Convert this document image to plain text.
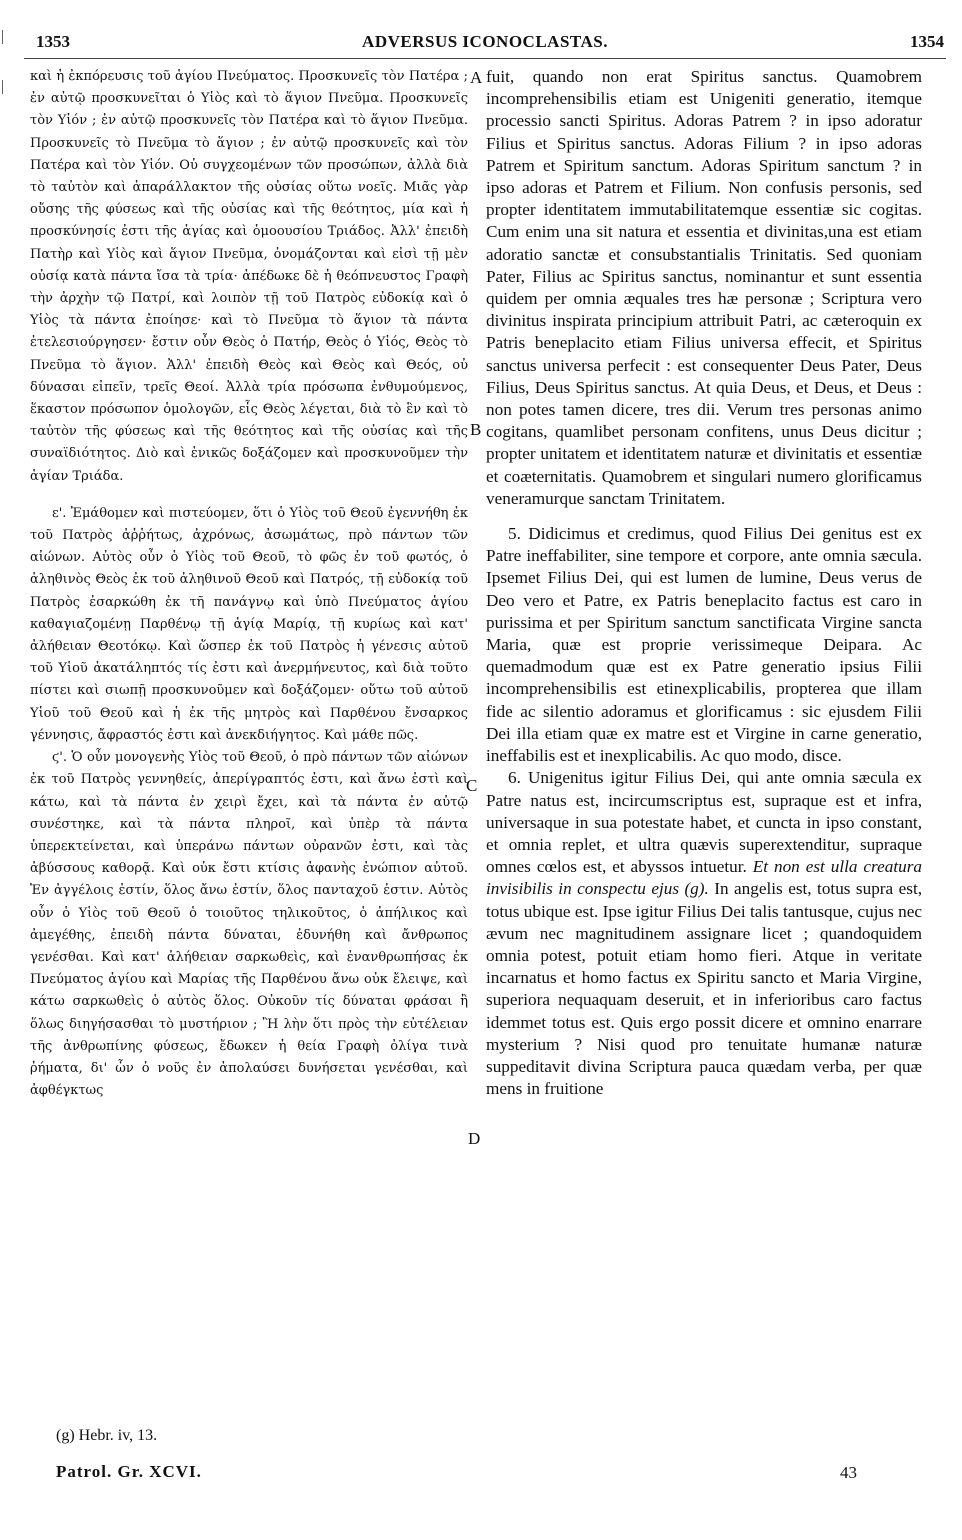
1353	ADVERSUS ICONOCLASTAS.	1354

καὶ ἡ ἐκπόρευσις τοῦ ἁγίου Πνεύματος. Προσκυνεῖς τὸν Πατέρα ; ἐν αὐτῷ προσκυνεῖται ὁ Υἱὸς καὶ τὸ ἅγιον Πνεῦμα. Προσκυνεῖς τὸν Υἱόν ; ἐν αὐτῷ προσκυνεῖς τὸν Πατέρα καὶ τὸ ἅγιον Πνεῦμα. Προσκυνεῖς τὸ Πνεῦμα τὸ ἅγιον ; ἐν αὐτῷ προσκυνεῖς καὶ τὸν Πατέρα καὶ τὸν Υἱόν. Οὐ συγχεομένων τῶν προσώπων, ἀλλὰ διὰ τὸ ταὐτὸν καὶ ἀπαράλλακτον τῆς οὐσίας οὕτω νοεῖς. Μιᾶς γὰρ οὔσης τῆς φύσεως καὶ τῆς οὐσίας καὶ τῆς θεότητος, μία καὶ ἡ προσκύνησίς ἐστι τῆς ἁγίας καὶ ὁμοουσίου Τριάδος. Ἀλλ' ἐπειδὴ Πατὴρ καὶ Υἱὸς καὶ ἅγιον Πνεῦμα, ὀνομάζονται καὶ εἰσὶ τῇ μὲν οὐσίᾳ κατὰ πάντα ἴσα τὰ τρία· ἀπέδωκε δὲ ἡ θεόπνευστος Γραφὴ τὴν ἀρχὴν τῷ Πατρί, καὶ λοιπὸν τῇ τοῦ Πατρὸς εὐδοκίᾳ καὶ ὁ Υἱὸς τὰ πάντα ἐποίησε· καὶ τὸ Πνεῦμα τὸ ἅγιον τὰ πάντα ἐτελεσιούργησεν· ἔστιν οὖν Θεὸς ὁ Πατήρ, Θεὸς ὁ Υἱός, Θεὸς τὸ Πνεῦμα τὸ ἅγιον. Ἀλλ' ἐπειδὴ Θεὸς καὶ Θεὸς καὶ Θεός, οὐ δύνασαι εἰπεῖν, τρεῖς Θεοί. Ἀλλὰ τρία πρόσωπα ἐνθυμούμενος, ἕκαστον πρόσωπον ὁμολογῶν, εἷς Θεὸς λέγεται, διὰ τὸ ἓν καὶ τὸ ταὐτὸν τῆς φύσεως καὶ τῆς θεότητος καὶ τῆς οὐσίας καὶ τῆς συναϊδιότητος. Διὸ καὶ ἑνικῶς δοξάζομεν καὶ προσκυνοῦμεν τὴν ἁγίαν Τριάδα.

ε'. Ἐμάθομεν καὶ πιστεύομεν, ὅτι ὁ Υἱὸς τοῦ Θεοῦ ἐγεννήθη ἐκ τοῦ Πατρὸς ἀῤῥήτως, ἀχρόνως, ἀσωμάτως, πρὸ πάντων τῶν αἰώνων. Αὐτὸς οὖν ὁ Υἱὸς τοῦ Θεοῦ, τὸ φῶς ἐν τοῦ φωτός, ὁ ἀληθινὸς Θεὸς ἐκ τοῦ ἀληθινοῦ Θεοῦ καὶ Πατρός, τῇ εὐδοκίᾳ τοῦ Πατρὸς ἐσαρκώθη ἐκ τῆ πανάγνῳ καὶ ὑπὸ Πνεύματος ἁγίου καθαγιαζομένῃ Παρθένῳ τῇ ἁγίᾳ Μαρίᾳ, τῇ κυρίως καὶ κατ' ἀλήθειαν Θεοτόκῳ. Καὶ ὥσπερ ἐκ τοῦ Πατρὸς ἡ γένεσις αὐτοῦ τοῦ Υἱοῦ ἀκατάληπτός τίς ἐστι καὶ ἀνερμήνευτος, καὶ διὰ τοῦτο πίστει καὶ σιωπῇ προσκυνοῦμεν καὶ δοξάζομεν· οὕτω τοῦ αὐτοῦ Υἱοῦ τοῦ Θεοῦ καὶ ἡ ἐκ τῆς μητρὸς καὶ Παρθένου ἔνσαρκος γέννησις, ἄφραστός ἐστι καὶ ἀνεκδιήγητος. Καὶ μάθε πῶς.

ϛ'. Ὁ οὖν μονογενὴς Υἱὸς τοῦ Θεοῦ, ὁ πρὸ πάντων τῶν αἰώνων ἐκ τοῦ Πατρὸς γεννηθείς, ἀπερίγραπτός ἐστι, καὶ ἄνω ἐστὶ καὶ κάτω, καὶ τὰ πάντα ἐν χειρὶ ἔχει, καὶ τὰ πάντα ἐν αὐτῷ συνέστηκε, καὶ τὰ πάντα πληροῖ, καὶ ὑπὲρ τὰ πάντα ὑπερεκτείνεται, καὶ ὑπεράνω πάντων οὐρανῶν ἐστι, καὶ τὰς ἀβύσσους καθορᾷ. Καὶ οὐκ ἔστι κτίσις ἀφανὴς ἐνώπιον αὐτοῦ. Ἐν ἀγγέλοις ἐστίν, ὅλος ἄνω ἐστίν, ὅλος πανταχοῦ ἐστιν. Αὐτὸς οὖν ὁ Υἱὸς τοῦ Θεοῦ ὁ τοιοῦτος τηλικοῦτος, ὁ ἀπήλικος καὶ ἀμεγέθης, ἐπειδὴ πάντα δύναται, ἐδυνήθη καὶ ἄνθρωπος γενέσθαι. Καὶ κατ' ἀλήθειαν σαρκωθεὶς, καὶ ἐνανθρωπήσας ἐκ Πνεύματος ἁγίου καὶ Μαρίας τῆς Παρθένου ἄνω οὐκ ἔλειψε, καὶ κάτω σαρκωθεὶς ὁ αὐτὸς ὅλος. Οὐκοῦν τίς δύναται φράσαι ἢ ὅλως διηγήσασθαι τὸ μυστήριον ; Ἢ λὴν ὅτι πρὸς τὴν εὐτέλειαν τῆς ἀνθρωπίνης φύσεως, ἔδωκεν ἡ θεία Γραφὴ ὀλίγα τινὰ ῥήματα, δι' ὧν ὁ νοῦς ἐν ἀπολαύσει δυνήσεται γενέσθαι, καὶ ἀφθέγκτως

A
B
C
D

fuit, quando non erat Spiritus sanctus. Quamobrem incomprehensibilis etiam est Unigeniti generatio, itemque processio sancti Spiritus. Adoras Patrem ? in ipso adoratur Filius et Spiritus sanctus. Adoras Filium ? in ipso adoras Patrem et Spiritum sanctum. Adoras Spiritum sanctum ? in ipso adoras et Patrem et Filium. Non confusis personis, sed propter identitatem immutabilitatemque essentiæ sic cogitas. Cum enim una sit natura et essentia et divinitas,una est etiam adoratio sanctæ et consubstantialis Trinitatis. Sed quoniam Pater, Filius ac Spiritus sanctus, nominantur et sunt essentia quidem per omnia æquales tres hæ personæ ; Scriptura vero divinitus inspirata principium attribuit Patri, ac cæteroquin ex Patris beneplacito etiam Filius universa effecit, et Spiritus sanctus universa perfecit : est consequenter Deus Pater, Deus Filius, Deus Spiritus sanctus. At quia Deus, et Deus, et Deus : non potes tamen dicere, tres dii. Verum tres personas animo cogitans, quamlibet personam confitens, unus Deus dicitur ; propter unitatem et identitatem naturæ et divinitatis et essentiæ et coæternitatis. Quamobrem et singulari numero glorificamus veneramurque sanctam Trinitatem.

5. Didicimus et credimus, quod Filius Dei genitus est ex Patre ineffabiliter, sine tempore et corpore, ante omnia sæcula. Ipsemet Filius Dei, qui est lumen de lumine, Deus verus de Deo vero et Patre, ex Patris beneplacito factus est caro in purissima et per Spiritum sanctum sanctificata Virgine sancta Maria, quæ est proprie verissimeque Deipara. Ac quemadmodum quæ est ex Patre generatio ipsius Filii incomprehensibilis est etinexplicabilis, propterea que illam fide ac silentio adoramus et glorificamus : sic ejusdem Filii Dei illa etiam quæ ex matre est et Virgine in carne generatio, ineffabilis est et inexplicabilis. Ac quo modo, disce.

6. Unigenitus igitur Filius Dei, qui ante omnia sæcula ex Patre natus est, incircumscriptus est, supraque est et infra, universaque in sua potestate habet, et cuncta in ipso constant, et omnia replet, et ultra quævis superextenditur, supraque omnes cœlos est, et abyssos intuetur. Et non est ulla creatura invisibilis in conspectu ejus (g). In angelis est, totus supra est, totus ubique est. Ipse igitur Filius Dei talis tantusque, cujus nec ævum nec magnitudinem assignare licet ; quandoquidem omnia potest, potuit etiam homo fieri. Atque in veritate incarnatus et homo factus ex Spiritu sancto et Maria Virgine, superiora nequaquam deseruit, et in inferioribus caro factus idemmet totus est. Quis ergo possit dicere et omnino enarrare mysterium ? Nisi quod pro tenuitate humanæ naturæ suppeditavit divina Scriptura pauca quædam verba, per quæ mens in fruitione

(g) Hebr. iv, 13.
Patrol. Gr. XCVI.	43
